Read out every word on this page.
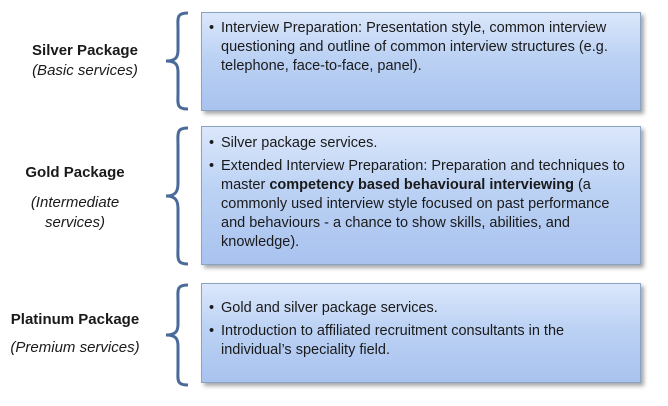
Silver Package
(Basic services)
• Interview Preparation: Presentation style, common interview questioning and outline of common interview structures (e.g. telephone, face-to-face, panel).
Gold Package
(Intermediate services)
• Silver package services.
• Extended Interview Preparation: Preparation and techniques to master competency based behavioural interviewing (a commonly used interview style focused on past performance and behaviours - a chance to show skills, abilities, and knowledge).
Platinum Package
(Premium services)
• Gold and silver package services.
• Introduction to affiliated recruitment consultants in the individual’s speciality field.
